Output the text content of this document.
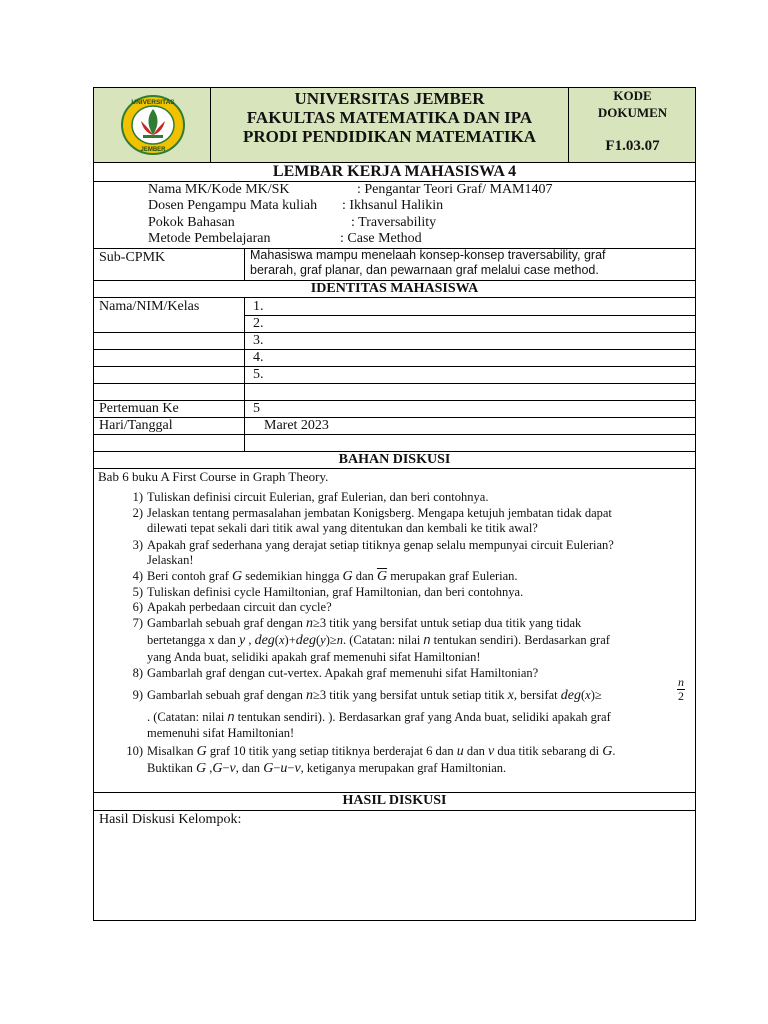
UNIVERSITAS
JEMBER
UNIVERSITAS JEMBER
FAKULTAS MATEMATIKA DAN IPA
PRODI PENDIDIKAN MATEMATIKA
KODE
DOKUMEN
F1.03.07
LEMBAR KERJA MAHASISWA 4
Nama MK/Kode MK/SK	: Pengantar Teori Graf/ MAM1407
Dosen Pengampu Mata kuliah : Ikhsanul Halikin
Pokok Bahasan	: Traversability
Metode Pembelajaran	: Case Method
Sub-CPMK	Mahasiswa mampu menelaah konsep-konsep traversability, graf
berarah, graf planar, dan pewarnaan graf melalui case method.
IDENTITAS MAHASISWA
Nama/NIM/Kelas	1.
2.
3.
4.
5.
Pertemuan Ke	5
Hari/Tanggal	Maret 2023
BAHAN DISKUSI
Bab 6 buku A First Course in Graph Theory.
1) Tuliskan definisi circuit Eulerian, graf Eulerian, dan beri contohnya.
2) Jelaskan tentang permasalahan jembatan Konigsberg. Mengapa ketujuh jembatan tidak dapat
dilewati tepat sekali dari titik awal yang ditentukan dan kembali ke titik awal?
3) Apakah graf sederhana yang derajat setiap titiknya genap selalu mempunyai circuit Eulerian?
Jelaskan!
4) Beri contoh graf G sedemikian hingga G dan $\overline{G}$ merupakan graf Eulerian.
5) Tuliskan definisi cycle Hamiltonian, graf Hamiltonian, dan beri contohnya.
6) Apakah perbedaan circuit dan cycle?
7) Gambarlah sebuah graf dengan n≥3 titik yang bersifat untuk setiap dua titik yang tidak
bertetangga x dan y , deg(x)+deg(y)≥n. (Catatan: nilai n tentukan sendiri). Berdasarkan graf
yang Anda buat, selidiki apakah graf memenuhi sifat Hamiltonian!
8) Gambarlah graf dengan cut-vertex. Apakah graf memenuhi sifat Hamiltonian?
9) Gambarlah sebuah graf dengan n≥3 titik yang bersifat untuk setiap titik x, bersifat deg(x)≥
n
2
. (Catatan: nilai n tentukan sendiri). ). Berdasarkan graf yang Anda buat, selidiki apakah graf
memenuhi sifat Hamiltonian!
10) Misalkan G graf 10 titik yang setiap titiknya berderajat 6 dan u dan v dua titik sebarang di G.
Buktikan G ,G−v, dan G−u−v, ketiganya merupakan graf Hamiltonian.
HASIL DISKUSI
Hasil Diskusi Kelompok:
